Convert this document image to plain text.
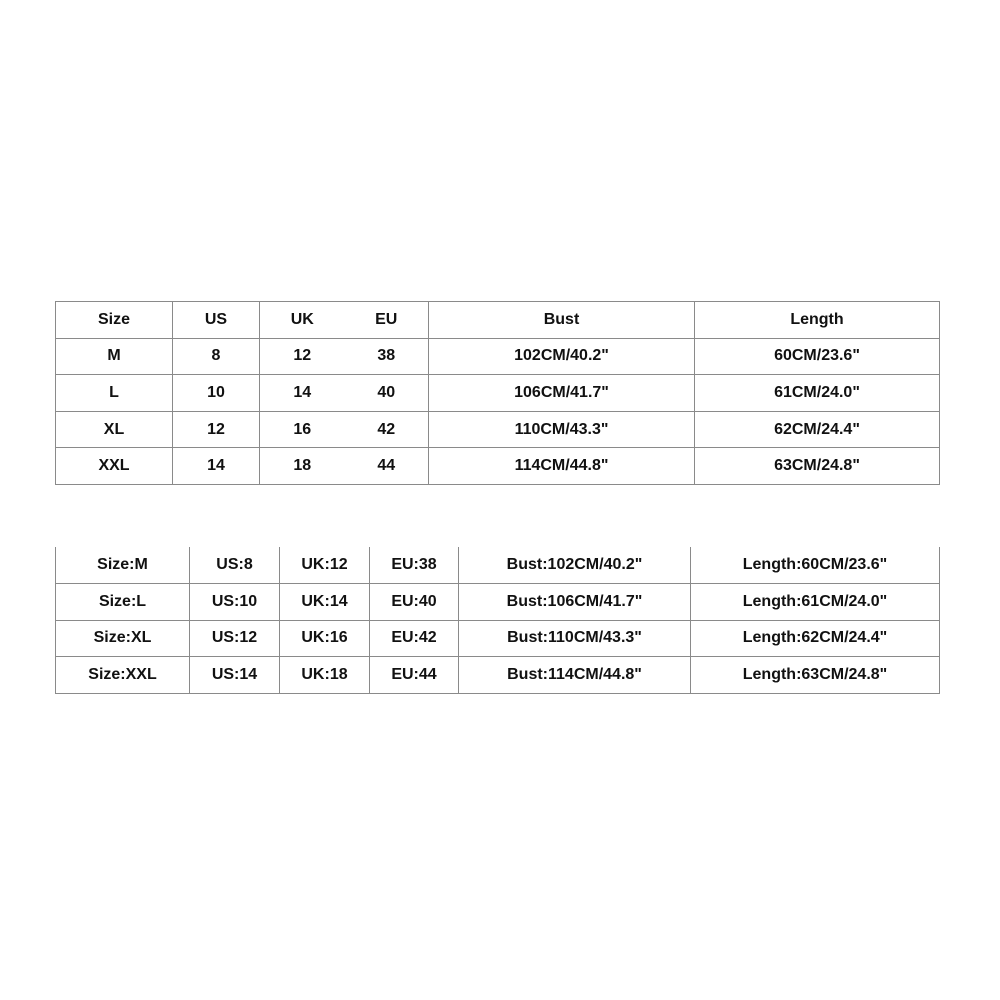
Size	US	UK	EU	Bust	Length
M	8	12	38	102CM/40.2"	60CM/23.6"
L	10	14	40	106CM/41.7"	61CM/24.0"
XL	12	16	42	110CM/43.3"	62CM/24.4"
XXL	14	18	44	114CM/44.8"	63CM/24.8"
Size:M	US:8	UK:12	EU:38	Bust:102CM/40.2"	Length:60CM/23.6"
Size:L	US:10	UK:14	EU:40	Bust:106CM/41.7"	Length:61CM/24.0"
Size:XL	US:12	UK:16	EU:42	Bust:110CM/43.3"	Length:62CM/24.4"
Size:XXL	US:14	UK:18	EU:44	Bust:114CM/44.8"	Length:63CM/24.8"
